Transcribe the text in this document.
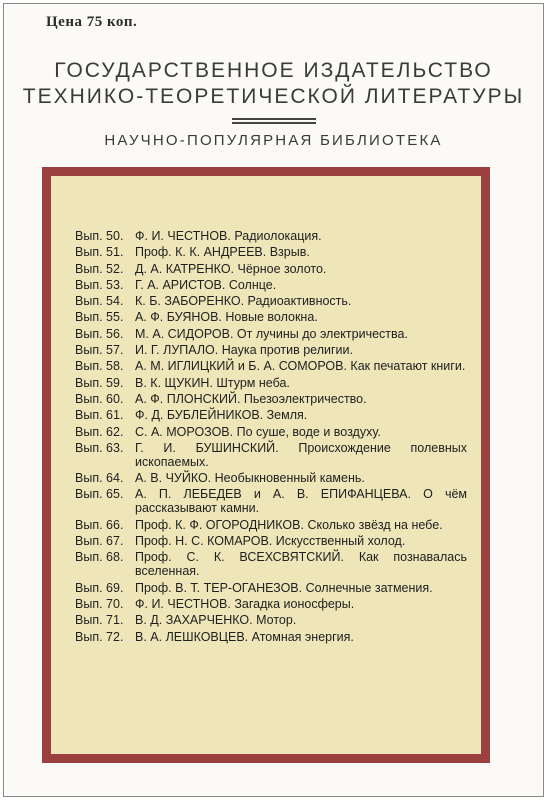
Цена 75 коп.
ГОСУДАРСТВЕННОЕ ИЗДАТЕЛЬСТВО
ТЕХНИКО-ТЕОРЕТИЧЕСКОЙ ЛИТЕРАТУРЫ
НАУЧНО-ПОПУЛЯРНАЯ БИБЛИОТЕКА
Вып. 50. Ф. И. ЧЕСТНОВ. Радиолокация.
Вып. 51. Проф. К. К. АНДРЕЕВ. Взрыв.
Вып. 52. Д. А. КАТРЕНКО. Чёрное золото.
Вып. 53. Г. А. АРИСТОВ. Солнце.
Вып. 54. К. Б. ЗАБОРЕНКО. Радиоактивность.
Вып. 55. А. Ф. БУЯНОВ. Новые волокна.
Вып. 56. М. А. СИДОРОВ. От лучины до электричества.
Вып. 57. И. Г. ЛУПАЛО. Наука против религии.
Вып. 58. А. М. ИГЛИЦКИЙ и Б. А. СОМОРОВ. Как печатают книги.
Вып. 59. В. К. ЩУКИН. Штурм неба.
Вып. 60. А. Ф. ПЛОНСКИЙ. Пьезоэлектричество.
Вып. 61. Ф. Д. БУБЛЕЙНИКОВ. Земля.
Вып. 62. С. А. МОРОЗОВ. По суше, воде и воздуху.
Вып. 63. Г. И. БУШИНСКИЙ. Происхождение полевных ископаемых.
Вып. 64. А. В. ЧУЙКО. Необыкновенный камень.
Вып. 65. А. П. ЛЕБЕДЕВ и А. В. ЕПИФАНЦЕВА. О чём рассказывают камни.
Вып. 66. Проф. К. Ф. ОГОРОДНИКОВ. Сколько звёзд на небе.
Вып. 67. Проф. Н. С. КОМАРОВ. Искусственный холод.
Вып. 68. Проф. С. К. ВСЕХСВЯТСКИЙ. Как познавалась вселенная.
Вып. 69. Проф. В. Т. ТЕР-ОГАНЕЗОВ. Солнечные затмения.
Вып. 70. Ф. И. ЧЕСТНОВ. Загадка ионосферы.
Вып. 71. В. Д. ЗАХАРЧЕНКО. Мотор.
Вып. 72. В. А. ЛЕШКОВЦЕВ. Атомная энергия.
